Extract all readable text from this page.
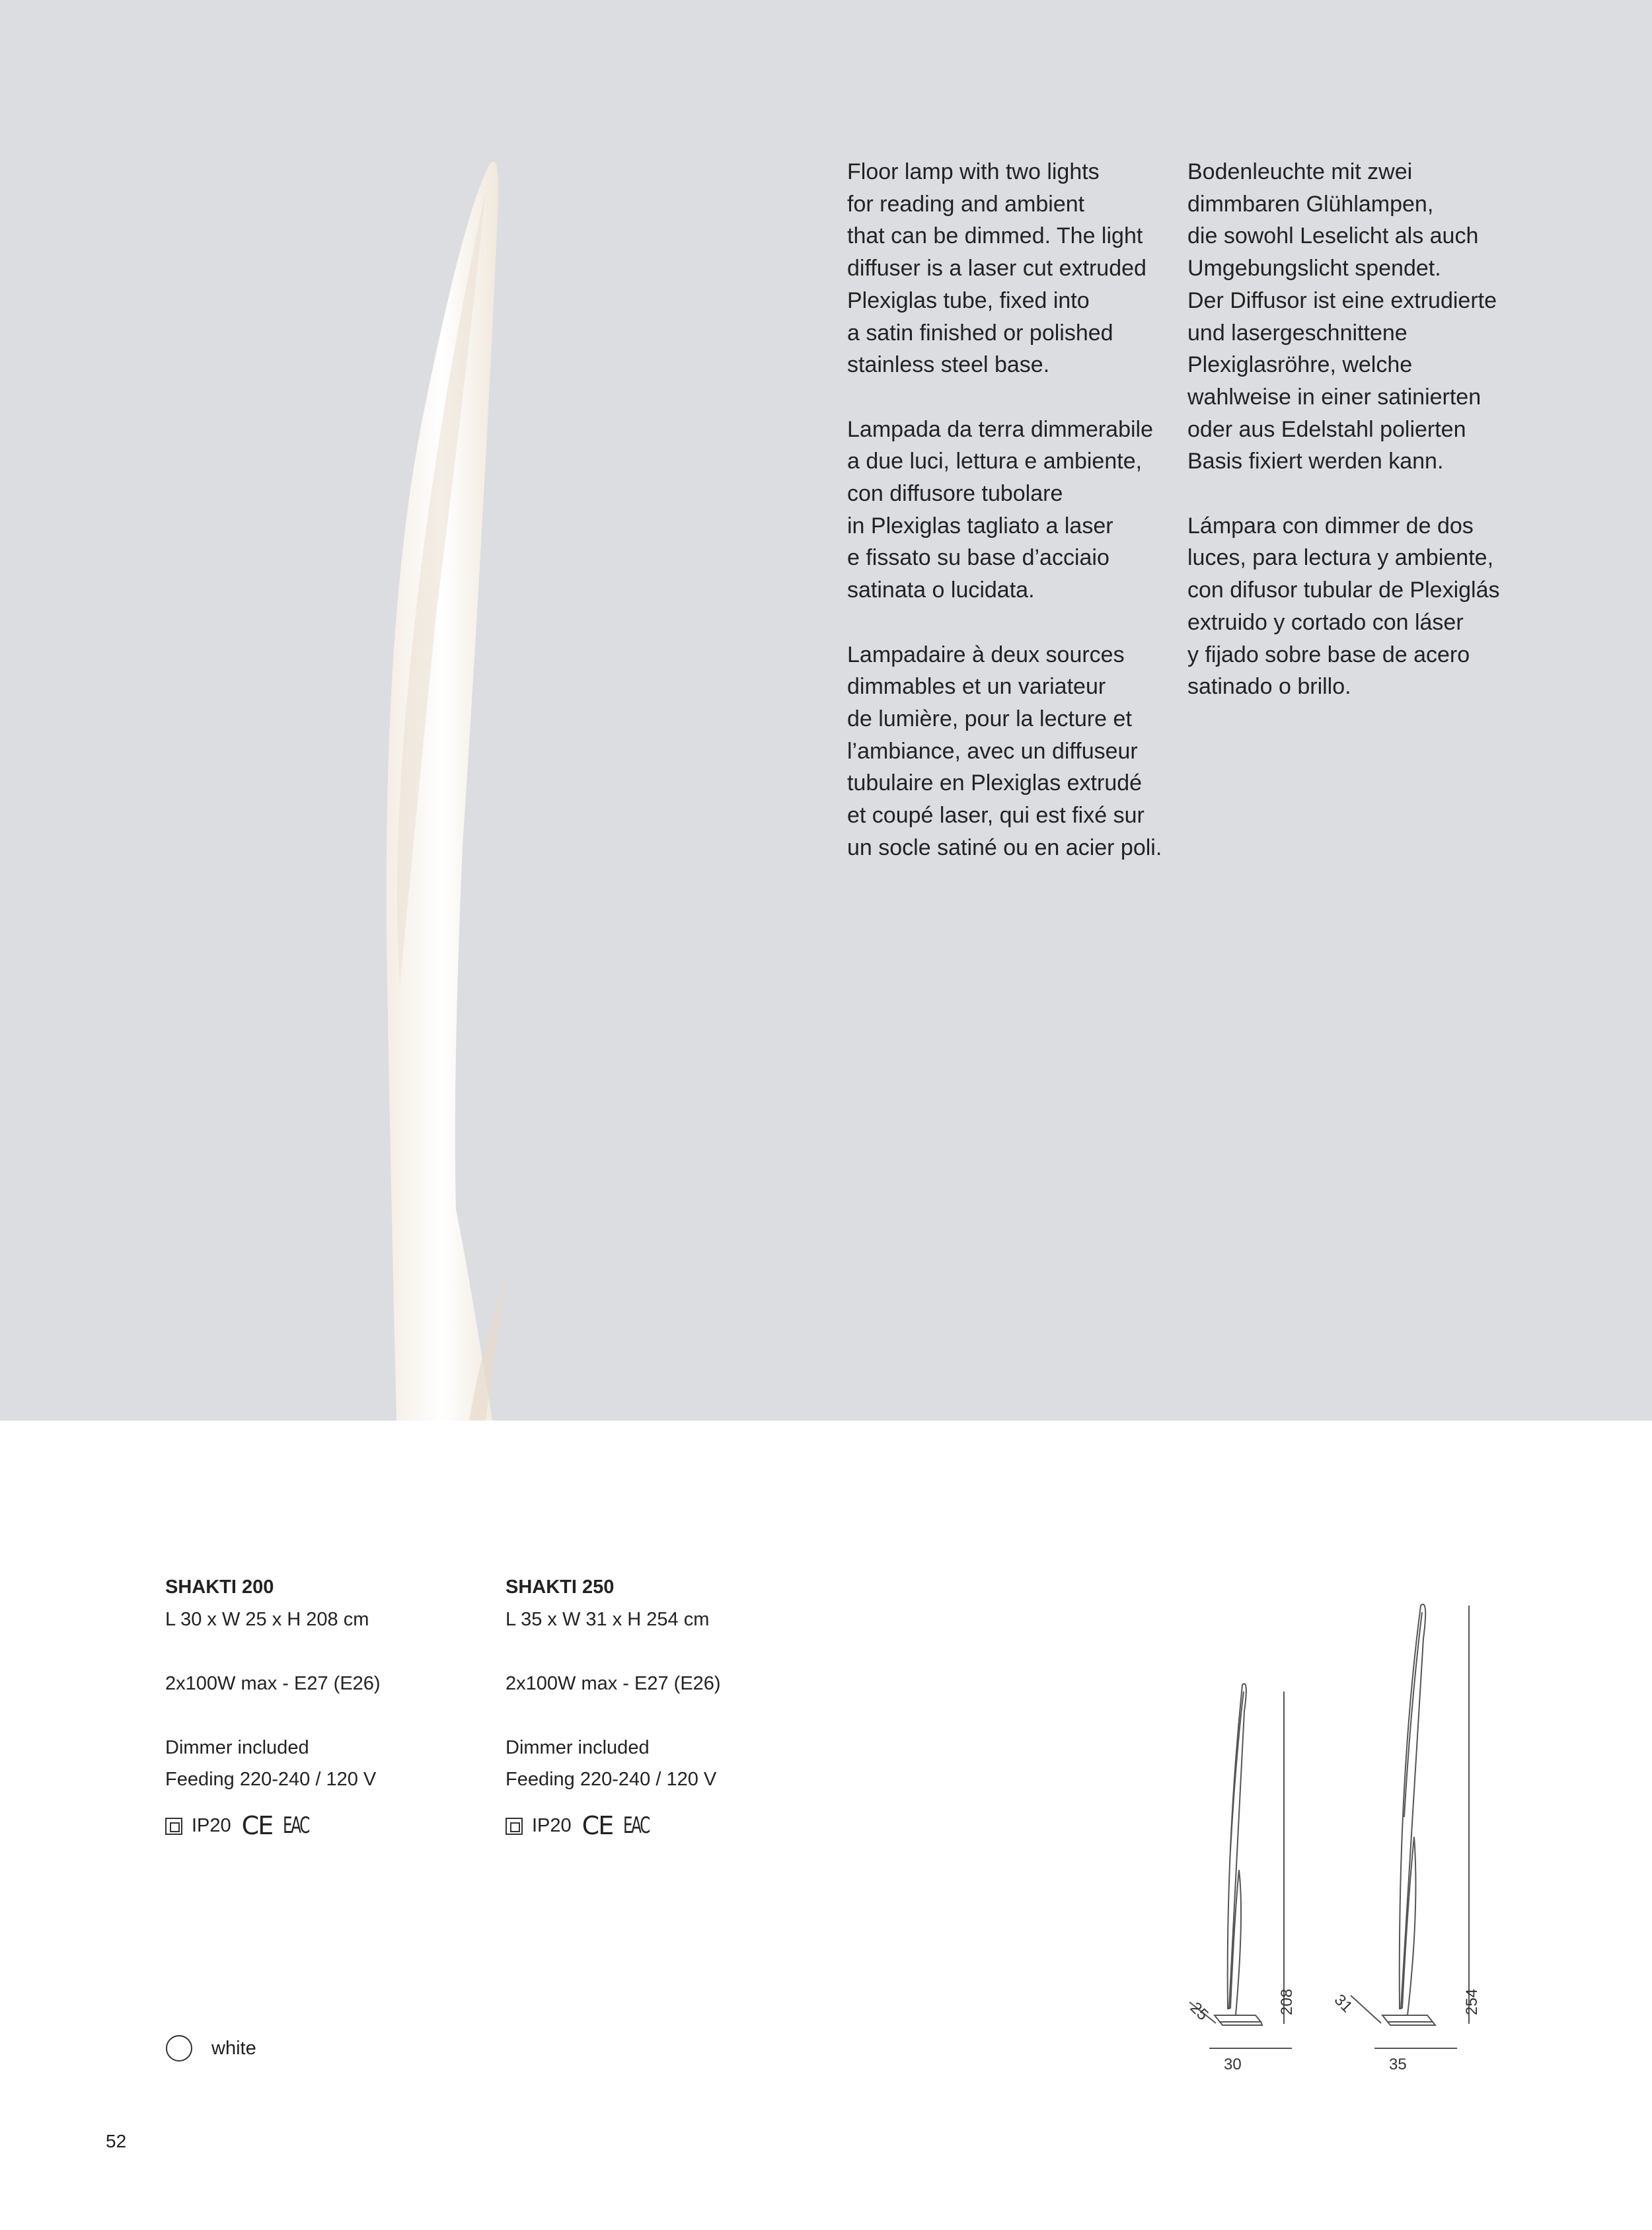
Floor lamp with two lights
for reading and ambient
that can be dimmed. The light
diffuser is a laser cut extruded
Plexiglas tube, fixed into
a satin finished or polished
stainless steel base.

Lampada da terra dimmerabile
a due luci, lettura e ambiente,
con diffusore tubolare
in Plexiglas tagliato a laser
e fissato su base d’acciaio
satinata o lucidata.

Lampadaire à deux sources
dimmables et un variateur
de lumière, pour la lecture et
l’ambiance, avec un diffuseur
tubulaire en Plexiglas extrudé
et coupé laser, qui est fixé sur
un socle satiné ou en acier poli.

Bodenleuchte mit zwei
dimmbaren Glühlampen,
die sowohl Leselicht als auch
Umgebungslicht spendet.
Der Diffusor ist eine extrudierte
und lasergeschnittene
Plexiglasröhre, welche
wahlweise in einer satinierten
oder aus Edelstahl polierten
Basis fixiert werden kann.

Lámpara con dimmer de dos
luces, para lectura y ambiente,
con difusor tubular de Plexiglás
extruido y cortado con láser
y fijado sobre base de acero
satinado o brillo.

SHAKTI 200
L 30 x W 25 x H 208 cm
2x100W max - E27 (E26)
Dimmer included
Feeding 220-240 / 120 V
IP20 CE EAC
SHAKTI 250
L 35 x W 31 x H 254 cm
2x100W max - E27 (E26)
Dimmer included
Feeding 220-240 / 120 V
IP20 CE EAC
white
208
30
25	254
35
31
52
